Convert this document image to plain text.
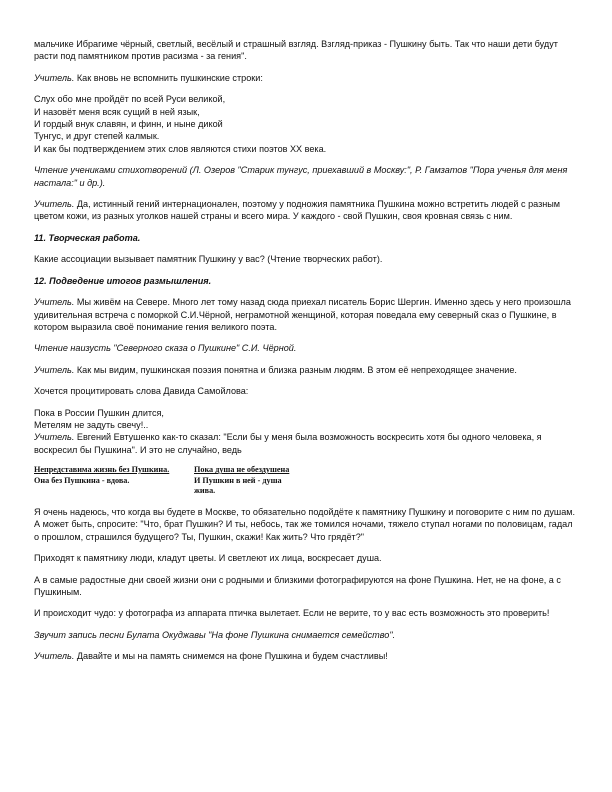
мальчике Ибрагиме чёрный, светлый, весёлый и страшный взгляд. Взгляд-приказ - Пушкину быть. Так что наши дети будут расти под памятником против расизма - за гения".

Учитель. Как вновь не вспомнить пушкинские строки:

Слух обо мне пройдёт по всей Руси великой,
И назовёт меня всяк сущий в ней язык,
И гордый внук славян, и финн, и ныне дикой
Тунгус, и друг степей калмык.
И как бы подтверждением этих слов являются стихи поэтов XX века.

Чтение учениками стихотворений (Л. Озеров "Старик тунгус, приехавший в Москву:", Р. Гамзатов "Пора ученья для меня настала:" и др.).

Учитель. Да, истинный гений интернационален, поэтому у подножия памятника Пушкина можно встретить людей с разным цветом кожи, из разных уголков нашей страны и всего мира. У каждого - свой Пушкин, своя кровная связь с ним.

11. Творческая работа.

Какие ассоциации вызывает памятник Пушкину у вас? (Чтение творческих работ).

12. Подведение итогов размышления.

Учитель. Мы живём на Севере. Много лет тому назад сюда приехал писатель Борис Шергин. Именно здесь у него произошла удивительная встреча с поморкой С.И.Чёрной, неграмотной женщиной, которая поведала ему северный сказ о Пушкине, в котором выразила своё понимание гения великого поэта.

Чтение наизусть "Северного сказа о Пушкине" С.И. Чёрной.

Учитель. Как мы видим, пушкинская поэзия понятна и близка разным людям. В этом её непреходящее значение.

Хочется процитировать слова Давида Самойлова:

Пока в России Пушкин длится,
Метелям не задуть свечу!..
Учитель. Евгений Евтушенко как-то сказал: "Если бы у меня была возможность воскресить хотя бы одного человека, я воскресил бы Пушкина". И это не случайно, ведь
Непредставима жизнь без Пушкина.
Она без Пушкина - вдова.
Пока душа не обездушена
И Пушкин в ней - душа
жива.

Я очень надеюсь, что когда вы будете в Москве, то обязательно подойдёте к памятнику Пушкину и поговорите с ним по душам. А может быть, спросите: "Что, брат Пушкин? И ты, небось, так же томился ночами, тяжело ступал ногами по половицам, гадал о прошлом, страшился будущего? Ты, Пушкин, скажи! Как жить? Что грядёт?"

Приходят к памятнику люди, кладут цветы. И светлеют их лица, воскресает душа.

А в самые радостные дни своей жизни они с родными и близкими фотографируются на фоне Пушкина. Нет, не на фоне, а с Пушкиным.

И происходит чудо: у фотографа из аппарата птичка вылетает. Если не верите, то у вас есть возможность это проверить!

Звучит запись песни Булата Окуджавы "На фоне Пушкина снимается семейство".

Учитель. Давайте и мы на память снимемся на фоне Пушкина и будем счастливы!
